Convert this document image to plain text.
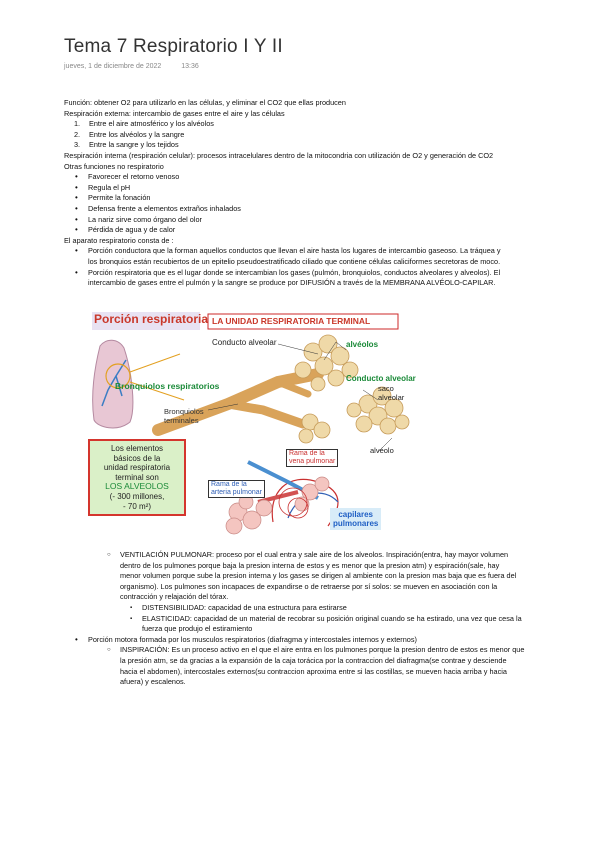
Tema 7 Respiratorio I Y II
jueves, 1 de diciembre de 2022	13:36
Función: obtener O2 para utilizarlo en las células, y eliminar el CO2 que ellas producen
Respiración externa: intercambio de gases entre el aire y las células
1. Entre el aire atmosférico y los alvéolos
2. Entre los alvéolos y la sangre
3. Entre la sangre y los tejidos
Respiración interna (respiración celular): procesos intracelulares dentro de la mitocondria con utilización de O2 y generación de CO2
Otras funciones no respiratorio
• Favorecer el retorno venoso
• Regula el pH
• Permite la fonación
• Defensa frente a elementos extraños inhalados
• La nariz sirve como órgano del olor
• Pérdida de agua y de calor
El aparato respiratorio consta de :
• Porción conductora que la forman aquellos conductos que llevan el aire hasta los lugares de intercambio gaseoso. La tráquea y
los bronquios están recubiertos de un epitelio pseudoestratificado ciliado que contiene células caliciformes secretoras de moco.
• Porción respiratoria que es el lugar donde se intercambian los gases (pulmón, bronquiolos, conductos alveolares y alveolos). El
intercambio de gases entre el pulmón y la sangre se produce por DIFUSIÓN a través de la MEMBRANA ALVÉOLO-CAPILAR.
Porción respiratoria LA UNIDAD RESPIRATORIA TERMINAL
Conducto alveolar	alvéolos
Conducto alveolar
Bronquiolos respiratorios
Bronquiolos
terminales
saco
alveolar
alvéolo
Rama de la
vena pulmonar
Rama de la
arteria pulmonar
capilares
pulmonares
Los elementos
básicos de la
unidad respiratoria
terminal son
LOS ALVEOLOS
(- 300 millones,
- 70 m²)
○ VENTILACIÓN PULMONAR: proceso por el cual entra y sale aire de los alveolos. Inspiración(entra, hay mayor volumen
dentro de los pulmones porque baja la presion interna de estos y es menor que la presion atm) y espiración(sale, hay
menor volumen porque sube la presion interna y los gases se dirigen al ambiente con la presion mas baja que es fuera del
organismo). Los pulmones son incapaces de expandirse o de retraerse por sí solos: se mueven en asociación con la
contracción y relajación del tórax.
▪ DISTENSIBILIDAD: capacidad de una estructura para estirarse
▪ ELASTICIDAD: capacidad de un material de recobrar su posición original cuando se ha estirado, una vez que cesa la
fuerza que produjo el estiramiento
• Porción motora formada por los musculos respiratorios (diafragma y intercostales internos y externos)
○ INSPIRACIÓN: Es un proceso activo en el que el aire entra en los pulmones porque la presion dentro de estos es menor que
la presión atm, se da gracias a la expansión de la caja torácica por la contraccion del diafragma(se contrae y desciende
hacia el abdomen), intercostales externos(su contraccion aproxima entre si las costillas, se mueven hacia arriba y hacia
afuera) y escalenos.
